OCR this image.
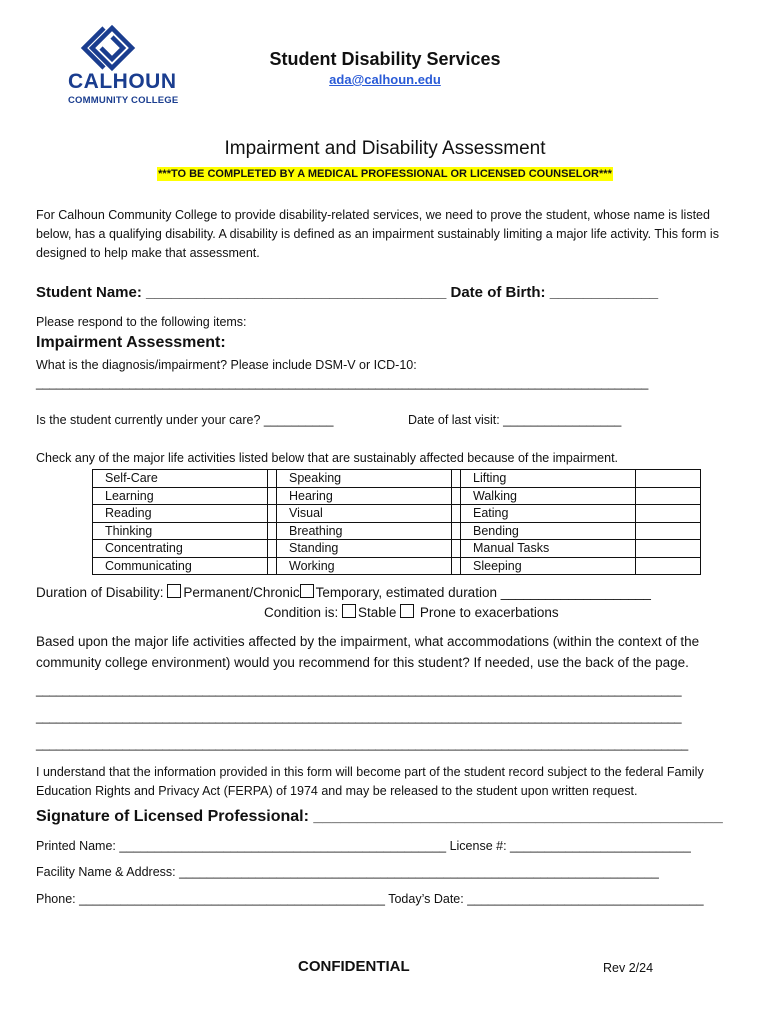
CALHOUN
COMMUNITY COLLEGE
Student Disability Services
ada@calhoun.edu
Impairment and Disability Assessment
***TO BE COMPLETED BY A MEDICAL PROFESSIONAL OR LICENSED COUNSELOR***
For Calhoun Community College to provide disability-related services, we need to prove the student, whose name is listed below, has a qualifying disability. A disability is defined as an impairment sustainably limiting a major life activity. This form is designed to help make that assessment.
Student Name: ____________________________________ Date of Birth: _____________
Please respond to the following items:
Impairment Assessment:
What is the diagnosis/impairment? Please include DSM-V or ICD-10:
____________________________________________________________________________________________
Is the student currently under your care? __________	Date of last visit: _________________
Check any of the major life activities listed below that are sustainably affected because of the impairment.
Self-Care		Speaking		Lifting	
Learning		Hearing		Walking	
Reading		Visual		Eating	
Thinking		Breathing		Bending	
Concentrating		Standing		Manual Tasks	
Communicating		Working		Sleeping	
Duration of Disability: Permanent/Chronic Temporary, estimated duration ____________________
Condition is: Stable  Prone to exacerbations
Based upon the major life activities affected by the impairment, what accommodations (within the context of the community college environment) would you recommend for this student? If needed, use the back of the page.
_________________________________________________________________________________________________
_________________________________________________________________________________________________
__________________________________________________________________________________________________
I understand that the information provided in this form will become part of the student record subject to the federal Family Education Rights and Privacy Act (FERPA) of 1974 and may be released to the student upon written request.
Signature of Licensed Professional: ______________________________________________
Printed Name: _______________________________________________ License #: __________________________
Facility Name & Address: _____________________________________________________________________
Phone: ____________________________________________ Today’s Date: __________________________________
CONFIDENTIAL	Rev 2/24
